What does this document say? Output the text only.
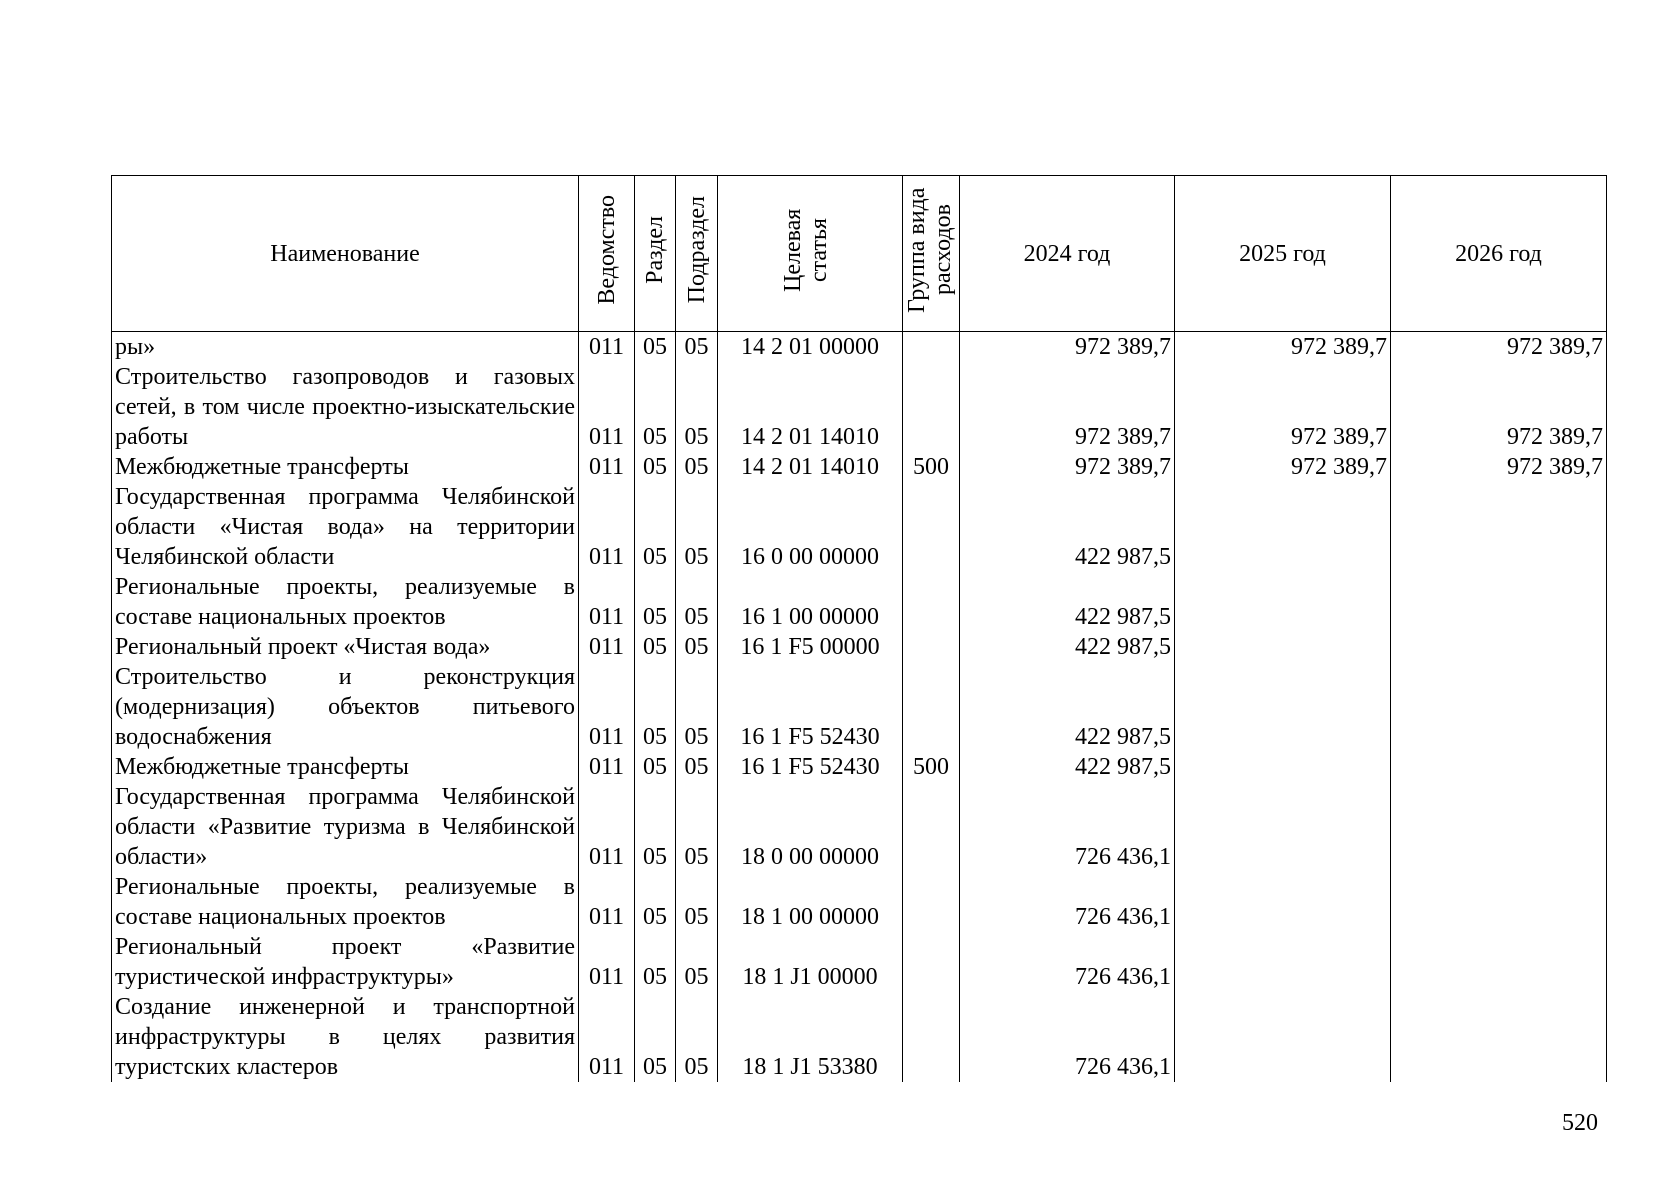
Наименование	Ведомство	Раздел	Подраздел	Целевая статья	Группа вида расходов	2024 год	2025 год	2026 год
ры»	011	05	05	14 2 01 00000		972 389,7	972 389,7	972 389,7
Строительство газопроводов и газовых сетей, в том числе проектно-изыскательские работы	011	05	05	14 2 01 14010		972 389,7	972 389,7	972 389,7
Межбюджетные трансферты	011	05	05	14 2 01 14010	500	972 389,7	972 389,7	972 389,7
Государственная программа Челябинской области «Чистая вода» на территории Челябинской области	011	05	05	16 0 00 00000		422 987,5		
Региональные проекты, реализуемые в составе национальных проектов	011	05	05	16 1 00 00000		422 987,5		
Региональный проект «Чистая вода»	011	05	05	16 1 F5 00000		422 987,5		
Строительство и реконструкция (модернизация) объектов питьевого водоснабжения	011	05	05	16 1 F5 52430		422 987,5		
Межбюджетные трансферты	011	05	05	16 1 F5 52430	500	422 987,5		
Государственная программа Челябинской области «Развитие туризма в Челябинской области»	011	05	05	18 0 00 00000		726 436,1		
Региональные проекты, реализуемые в составе национальных проектов	011	05	05	18 1 00 00000		726 436,1		
Региональный проект «Развитие туристической инфраструктуры»	011	05	05	18 1 J1 00000		726 436,1		
Создание инженерной и транспортной инфраструктуры в целях развития туристских кластеров	011	05	05	18 1 J1 53380		726 436,1		
520
